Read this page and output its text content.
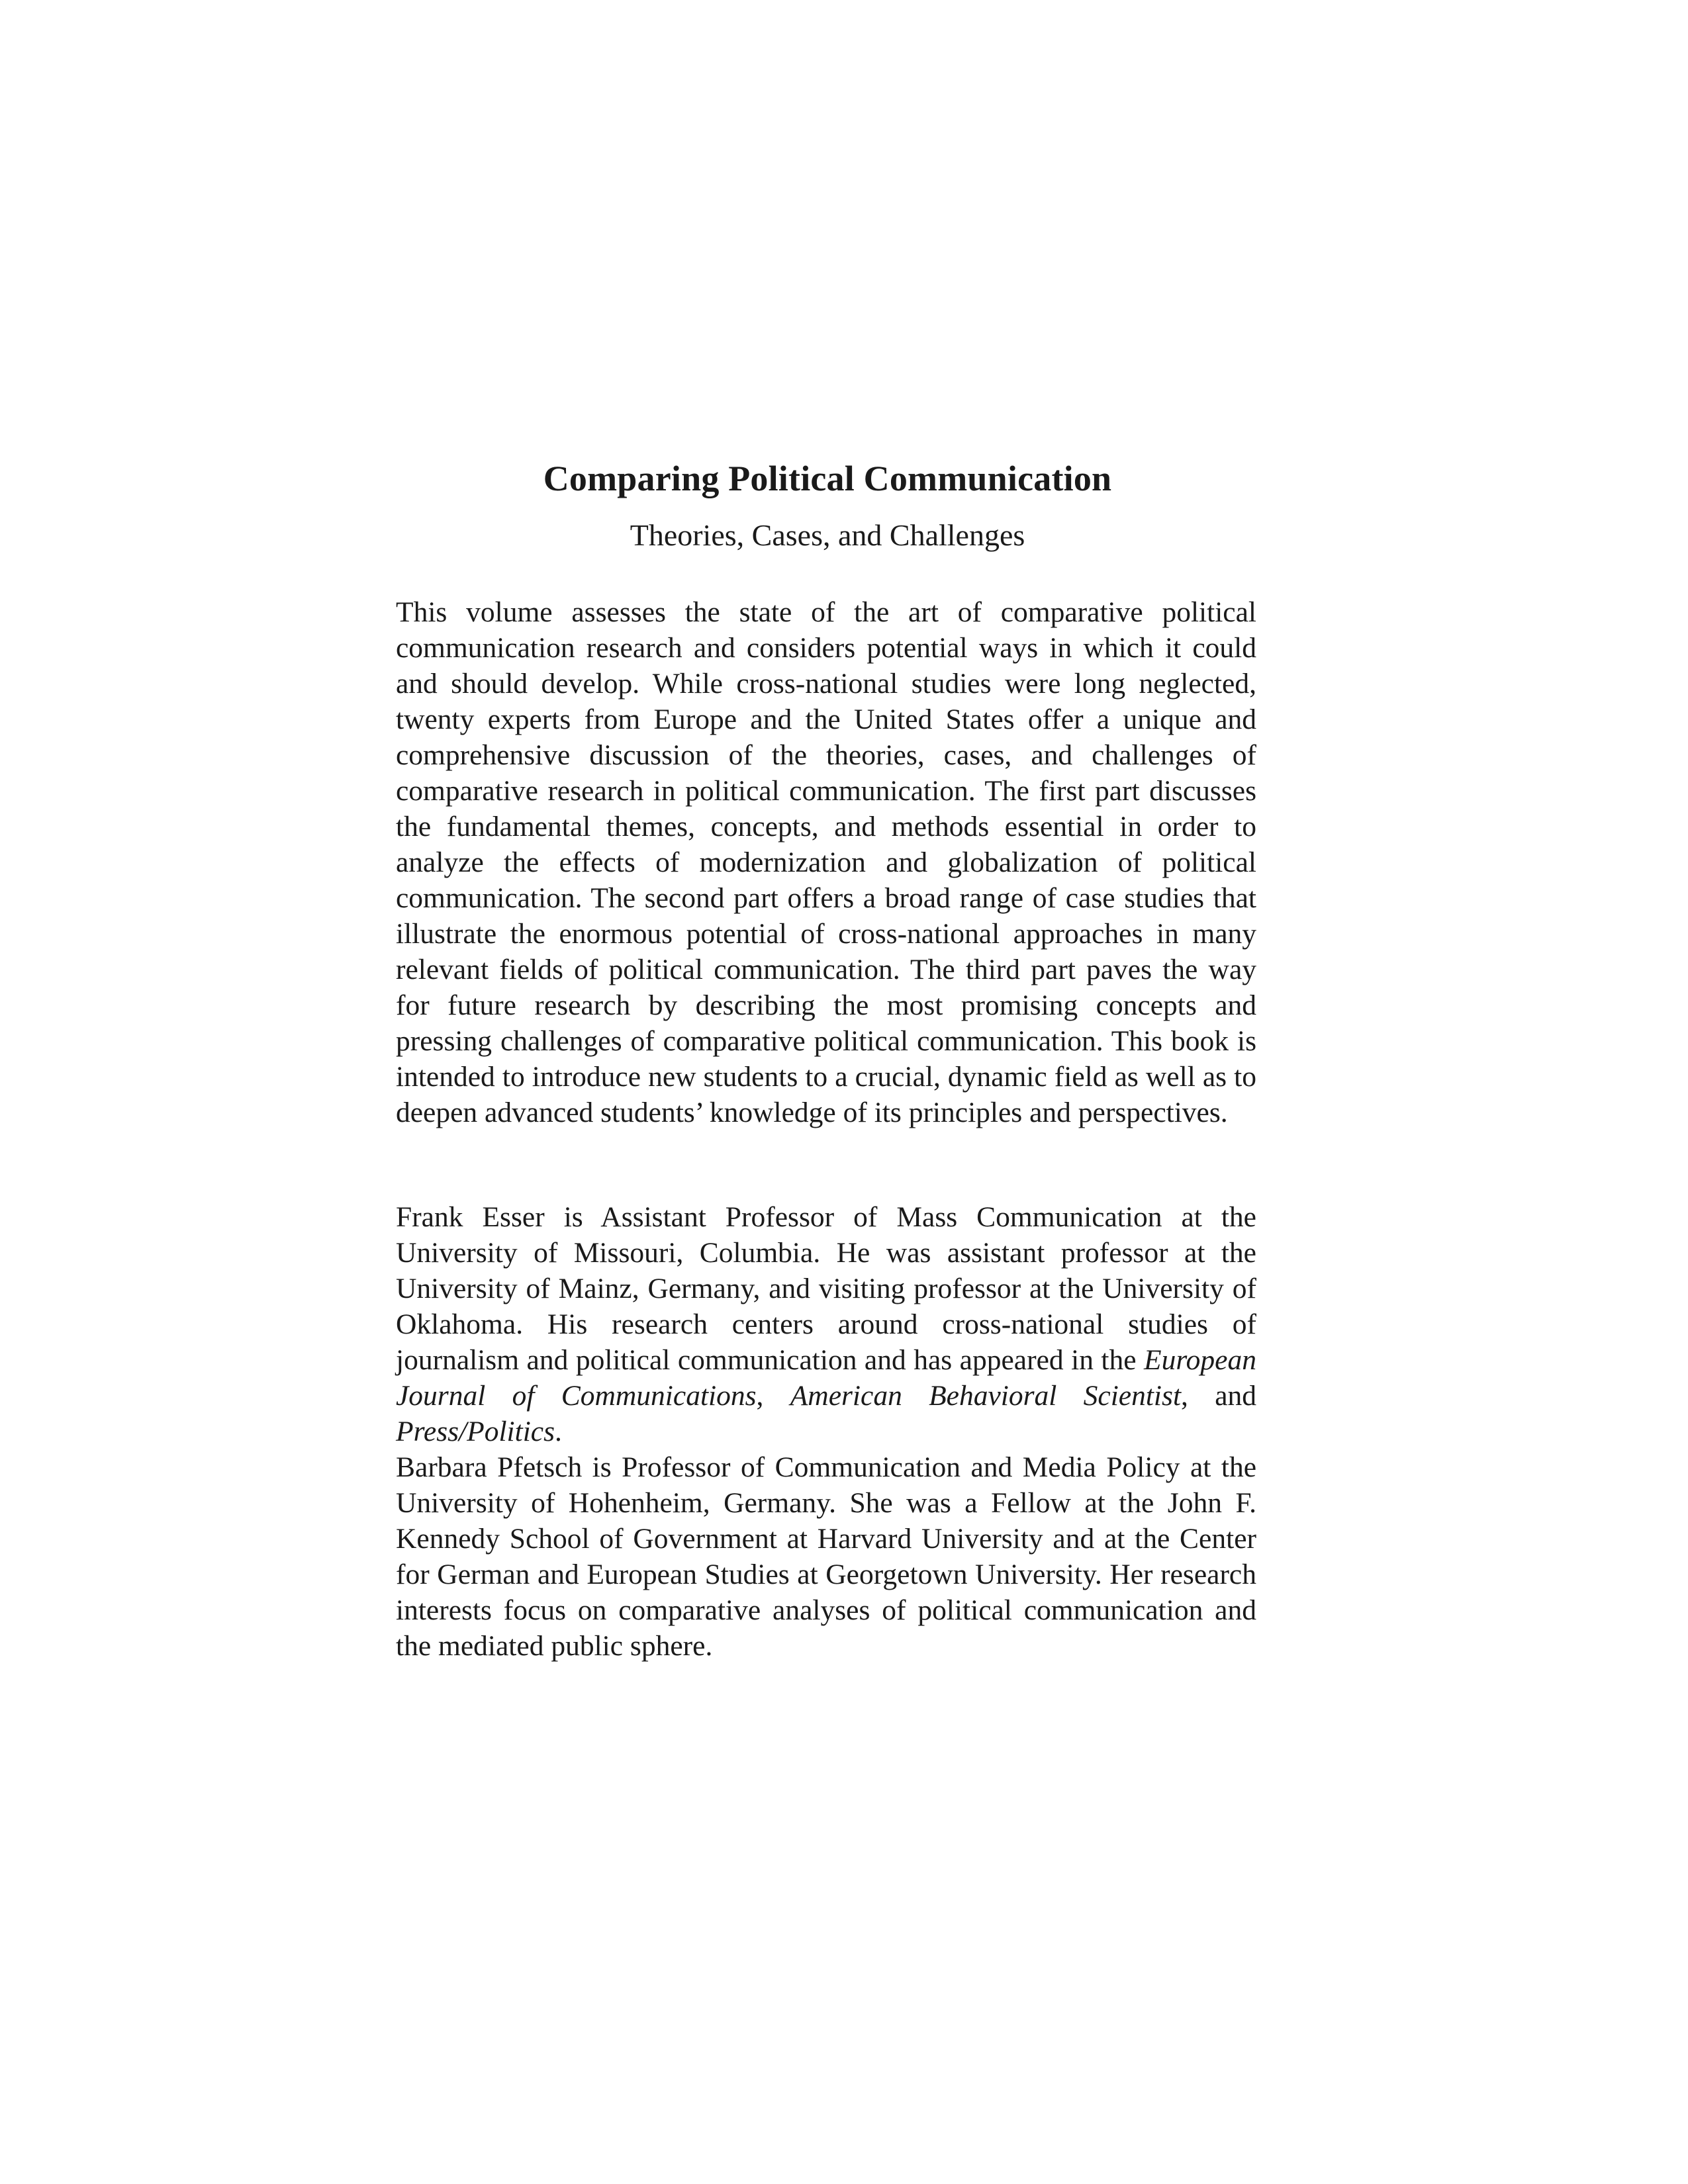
Comparing Political Communication
Theories, Cases, and Challenges

This volume assesses the state of the art of comparative political communication research and considers potential ways in which it could and should develop. While cross-national studies were long neglected, twenty experts from Europe and the United States offer a unique and comprehensive discussion of the theories, cases, and challenges of comparative research in political communication. The first part discusses the fundamental themes, concepts, and methods essential in order to analyze the effects of modernization and globalization of political communication. The second part offers a broad range of case studies that illustrate the enormous potential of cross-national approaches in many relevant fields of political communication. The third part paves the way for future research by describing the most promising concepts and pressing challenges of comparative political communication. This book is intended to introduce new students to a crucial, dynamic field as well as to deepen advanced students’ knowledge of its principles and perspectives.

Frank Esser is Assistant Professor of Mass Communication at the University of Missouri, Columbia. He was assistant professor at the University of Mainz, Germany, and visiting professor at the University of Oklahoma. His research centers around cross-national studies of journalism and political communication and has appeared in the European Journal of Communications, American Behavioral Scientist, and Press/Politics.

Barbara Pfetsch is Professor of Communication and Media Policy at the University of Hohenheim, Germany. She was a Fellow at the John F. Kennedy School of Government at Harvard University and at the Center for German and European Studies at Georgetown University. Her research interests focus on comparative analyses of political communication and the mediated public sphere.
